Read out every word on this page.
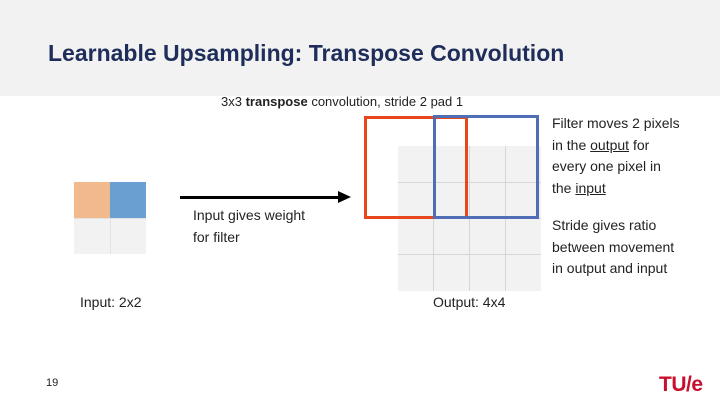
Learnable Upsampling: Transpose Convolution
3x3 transpose convolution, stride 2 pad 1
Input: 2x2
Input gives weight
for filter
Output: 4x4
Filter moves 2 pixels
in the output for
every one pixel in
the input
Stride gives ratio
between movement
in output and input
19	TU/e
